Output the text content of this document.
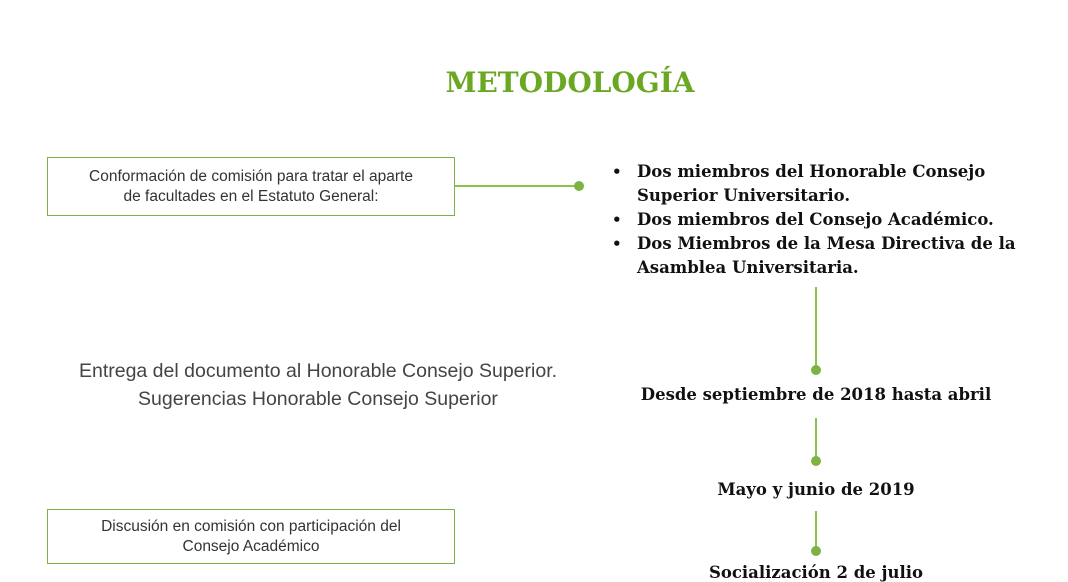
METODOLOGÍA
Conformación de comisión para tratar el aparte
de facultades en el Estatuto General:
Entrega del documento al Honorable Consejo Superior.
Sugerencias Honorable Consejo Superior
Discusión en comisión con participación del
Consejo Académico
• Dos miembros del Honorable Consejo Superior Universitario.
• Dos miembros del Consejo Académico.
• Dos Miembros de la Mesa Directiva de la Asamblea Universitaria.
Desde septiembre de 2018 hasta abril
Mayo y junio de 2019
Socialización 2 de julio
